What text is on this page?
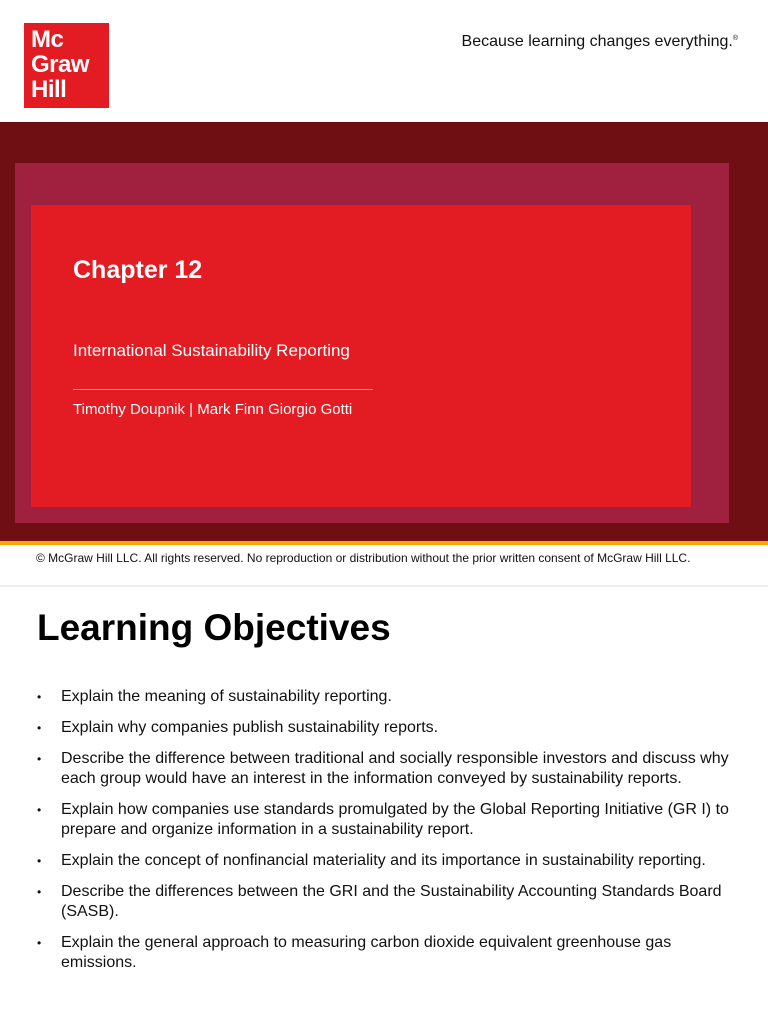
Mc
Graw
Hill
Because learning changes everything.®
Chapter 12
International Sustainability Reporting
Timothy Doupnik | Mark Finn Giorgio Gotti
© McGraw Hill LLC. All rights reserved. No reproduction or distribution without the prior written consent of McGraw Hill LLC.
Learning Objectives
• Explain the meaning of sustainability reporting.
• Explain why companies publish sustainability reports.
• Describe the difference between traditional and socially responsible investors and discuss why each group would have an interest in the information conveyed by sustainability reports.
• Explain how companies use standards promulgated by the Global Reporting Initiative (GR I) to prepare and organize information in a sustainability report.
• Explain the concept of nonfinancial materiality and its importance in sustainability reporting.
• Describe the differences between the GRI and the Sustainability Accounting Standards Board (SASB).
• Explain the general approach to measuring carbon dioxide equivalent greenhouse gas emissions.
